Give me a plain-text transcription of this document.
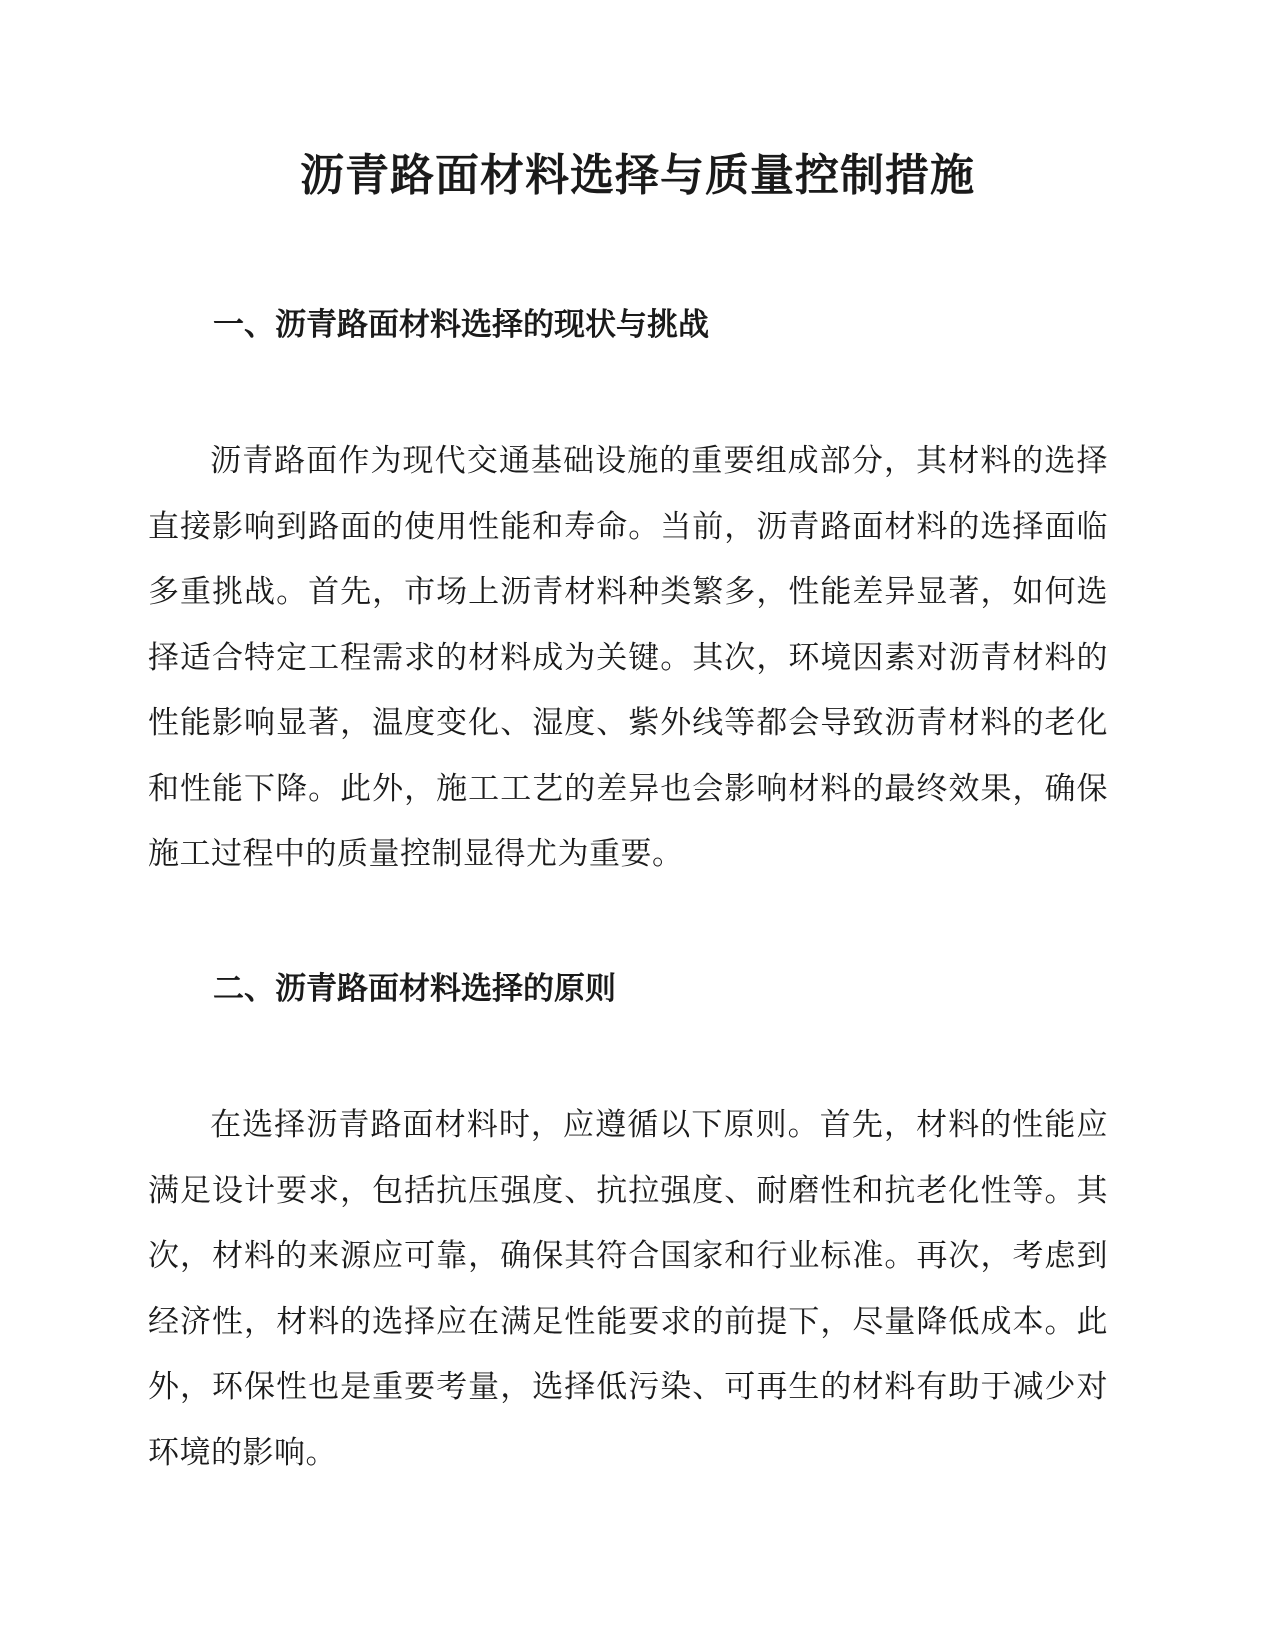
沥青路面材料选择与质量控制措施
一、沥青路面材料选择的现状与挑战

沥青路面作为现代交通基础设施的重要组成部分，其材料的选择直接影响到路面的使用性能和寿命。当前，沥青路面材料的选择面临多重挑战。首先，市场上沥青材料种类繁多，性能差异显著，如何选择适合特定工程需求的材料成为关键。其次，环境因素对沥青材料的性能影响显著，温度变化、湿度、紫外线等都会导致沥青材料的老化和性能下降。此外，施工工艺的差异也会影响材料的最终效果，确保施工过程中的质量控制显得尤为重要。

二、沥青路面材料选择的原则

在选择沥青路面材料时，应遵循以下原则。首先，材料的性能应满足设计要求，包括抗压强度、抗拉强度、耐磨性和抗老化性等。其次，材料的来源应可靠，确保其符合国家和行业标准。再次，考虑到经济性，材料的选择应在满足性能要求的前提下，尽量降低成本。此外，环保性也是重要考量，选择低污染、可再生的材料有助于减少对环境的影响。
